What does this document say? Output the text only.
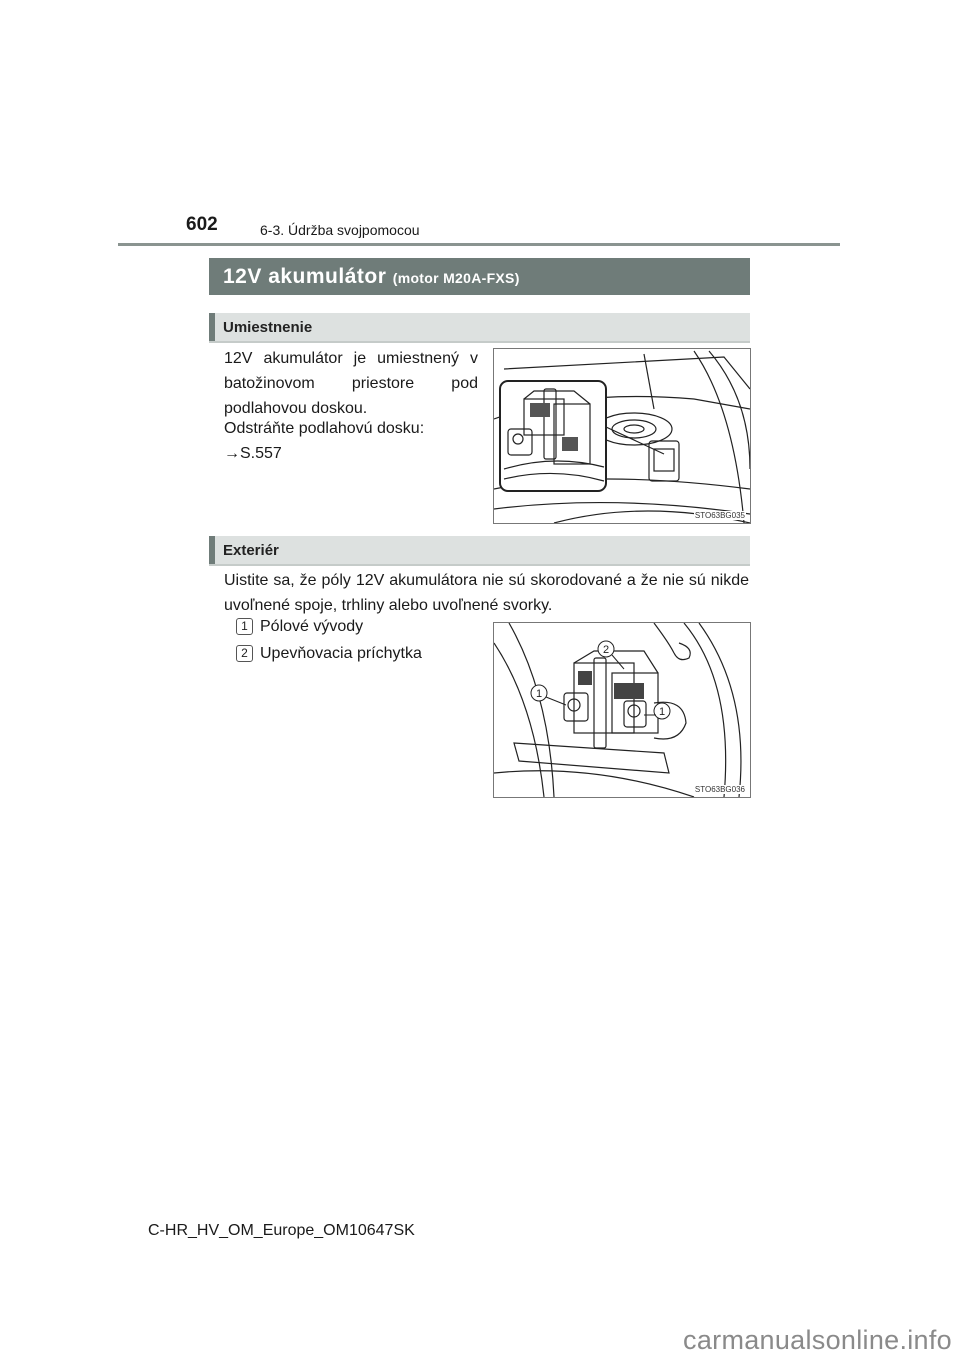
602	6-3. Údržba svojpomocou
12V akumulátor (motor M20A-FXS)
Umiestnenie
12V akumulátor je umiestnený v batožinovom priestore pod podlahovou doskou.
Odstráňte podlahovú dosku:
→S.557
STO63BG035
Exteriér
Uistite sa, že póly 12V akumulátora nie sú skorodované a že nie sú nikde uvoľnené spoje, trhliny alebo uvoľnené svorky.
1 Pólové vývody
2 Upevňovacia príchytka
1
2
1
STO63BG036
C-HR_HV_OM_Europe_OM10647SK
carmanualsonline.info
